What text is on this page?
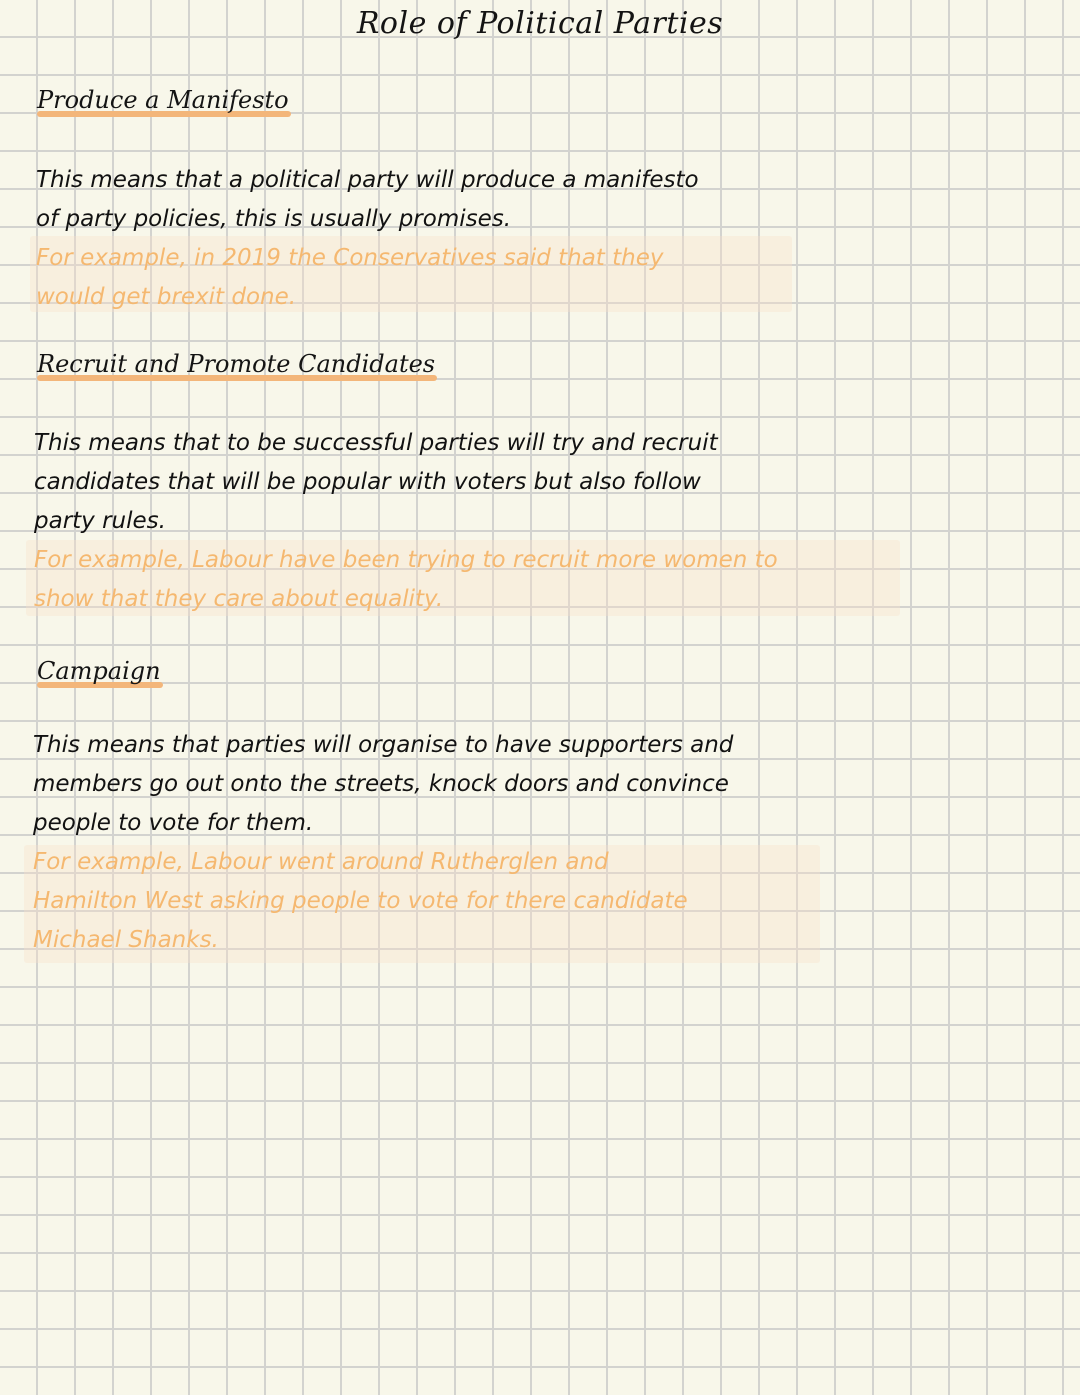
Role of Political Parties
Produce a Manifesto
This means that a political party will produce a manifesto
of party policies, this is usually promises.
For example, in 2019 the Conservatives said that they
would get brexit done.
Recruit and Promote Candidates
This means that to be successful parties will try and recruit
candidates that will be popular with voters but also follow
party rules.
For example, Labour have been trying to recruit more women to
show that they care about equality.
Campaign
This means that parties will organise to have supporters and
members go out onto the streets, knock doors and convince
people to vote for them.
For example, Labour went around Rutherglen and
Hamilton West asking people to vote for there candidate
Michael Shanks.
